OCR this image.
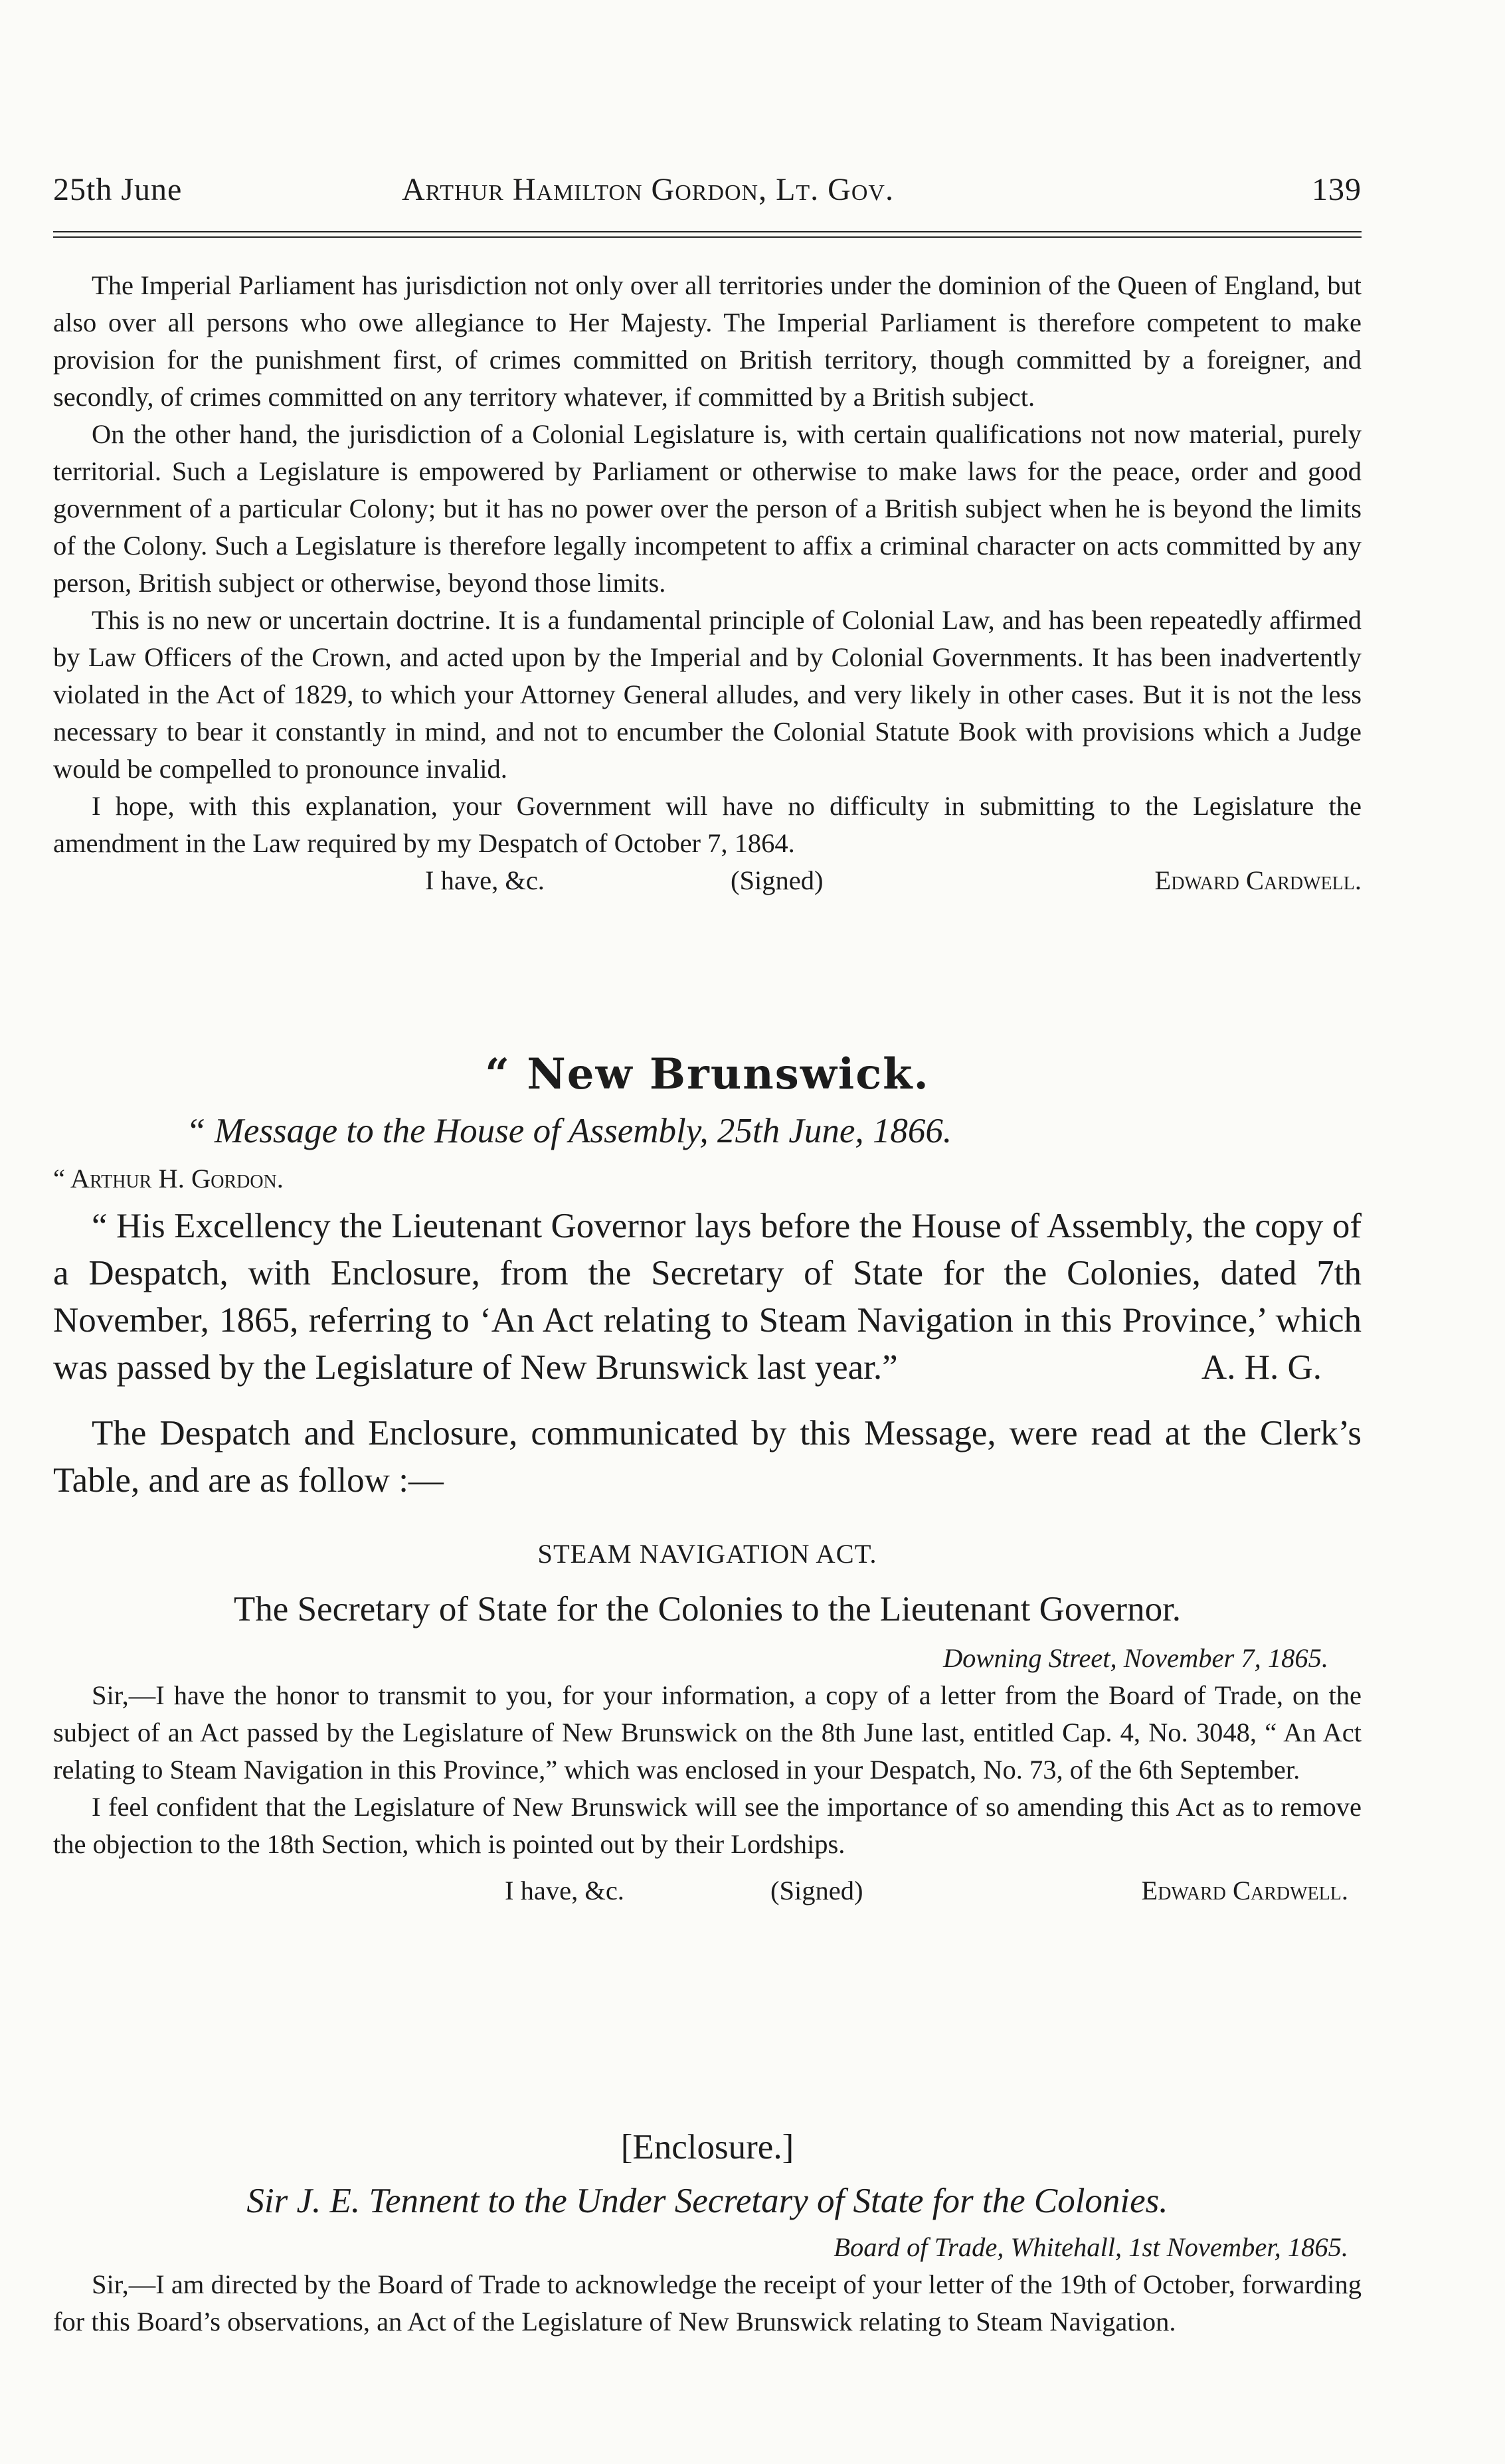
25th June	Arthur Hamilton Gordon, Lt. Gov.	139

The Imperial Parliament has jurisdiction not only over all territories under the dominion of the Queen of England, but also over all persons who owe allegiance to Her Majesty. The Imperial Parliament is therefore competent to make provision for the punishment first, of crimes committed on British territory, though committed by a foreigner, and secondly, of crimes committed on any territory whatever, if committed by a British subject.

On the other hand, the jurisdiction of a Colonial Legislature is, with certain qualifications not now material, purely territorial. Such a Legislature is empowered by Parliament or otherwise to make laws for the peace, order and good government of a particular Colony; but it has no power over the person of a British subject when he is beyond the limits of the Colony. Such a Legislature is therefore legally incompetent to affix a criminal character on acts committed by any person, British subject or otherwise, beyond those limits.

This is no new or uncertain doctrine. It is a fundamental principle of Colonial Law, and has been repeatedly affirmed by Law Officers of the Crown, and acted upon by the Imperial and by Colonial Governments. It has been inadvertently violated in the Act of 1829, to which your Attorney General alludes, and very likely in other cases. But it is not the less necessary to bear it constantly in mind, and not to encumber the Colonial Statute Book with provisions which a Judge would be compelled to pronounce invalid.

I hope, with this explanation, your Government will have no difficulty in submitting to the Legislature the amendment in the Law required by my Despatch of October 7, 1864.

I have, &c.	(Signed)	Edward Cardwell.
“ New Brunswick.

“ Message to the House of Assembly, 25th June, 1866.

“ Arthur H. Gordon.

“ His Excellency the Lieutenant Governor lays before the House of Assembly, the copy of a Despatch, with Enclosure, from the Secretary of State for the Colonies, dated 7th November, 1865, referring to ‘An Act relating to Steam Navigation in this Province,’ which was passed by the Legislature of New Brunswick last year.”	A. H. G.

The Despatch and Enclosure, communicated by this Message, were read at the Clerk’s Table, and are as follow :—

STEAM NAVIGATION ACT.

The Secretary of State for the Colonies to the Lieutenant Governor.

Downing Street, November 7, 1865.

Sir,—I have the honor to transmit to you, for your information, a copy of a letter from the Board of Trade, on the subject of an Act passed by the Legislature of New Brunswick on the 8th June last, entitled Cap. 4, No. 3048, “ An Act relating to Steam Navigation in this Province,” which was enclosed in your Despatch, No. 73, of the 6th September.

I feel confident that the Legislature of New Brunswick will see the importance of so amending this Act as to remove the objection to the 18th Section, which is pointed out by their Lordships.

I have, &c.	(Signed)	Edward Cardwell.

[Enclosure.]

Sir J. E. Tennent to the Under Secretary of State for the Colonies.

Board of Trade, Whitehall, 1st November, 1865.

Sir,—I am directed by the Board of Trade to acknowledge the receipt of your letter of the 19th of October, forwarding for this Board’s observations, an Act of the Legislature of New Brunswick relating to Steam Navigation.
